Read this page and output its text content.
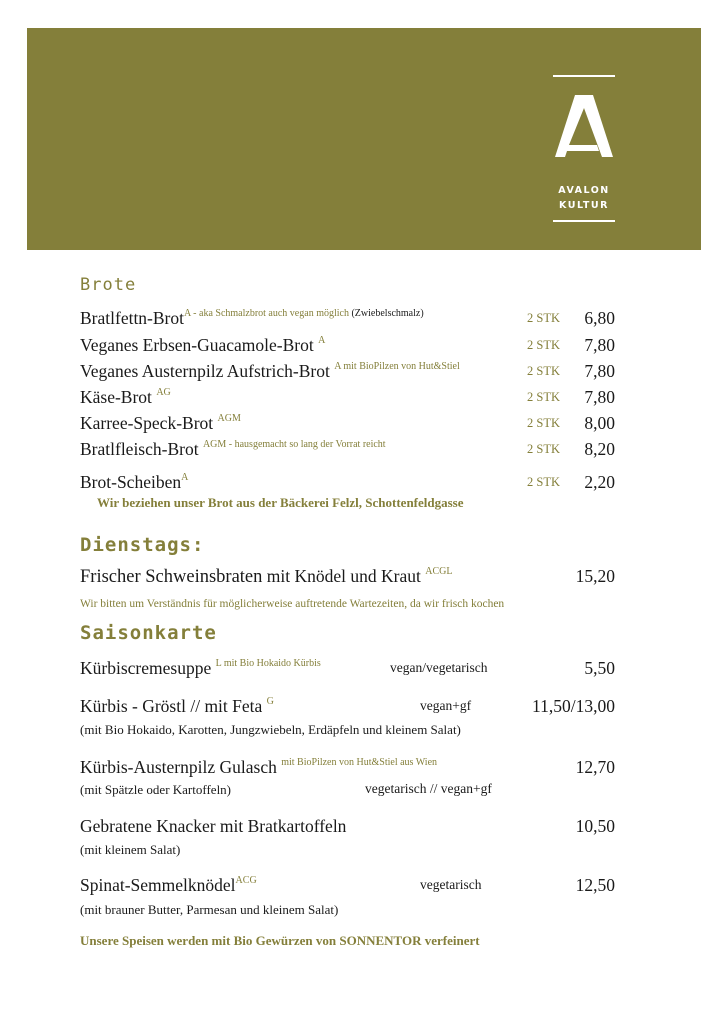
AVALON
KULTUR
Brote
Bratlfettn-Brot$^{A - aka Schmalzbrot auch vegan möglich}$ $^{(Zwiebelschmalz)}$	2 STK 6,80
Veganes Erbsen-Guacamole-Brot $^A$	2 STK 7,80
Veganes Austernpilz Aufstrich-Brot $^{A mit BioPilzen von Hut\&Stiel}$	2 STK 7,80
Käse-Brot $^{AG}$	2 STK 7,80
Karree-Speck-Brot $^{AGM}$	2 STK 8,00
Bratlfleisch-Brot $^{AGM - hausgemacht so lang der Vorrat reicht}$	2 STK 8,20
Brot-Scheiben$^A$	2 STK 2,20
Wir beziehen unser Brot aus der Bäckerei Felzl, Schottenfeldgasse
Dienstags:
Frischer Schweinsbraten mit Knödel und Kraut $^{ACGL}$	15,20
Wir bitten um Verständnis für möglicherweise auftretende Wartezeiten, da wir frisch kochen
Saisonkarte
Kürbiscremesuppe $^{L mit Bio Hokaido Kürbis}$	vegan/vegetarisch	5,50
Kürbis - Gröstl // mit Feta $^G$	vegan+gf	11,50/13,00
(mit Bio Hokaido, Karotten, Jungzwiebeln, Erdäpfeln und kleinem Salat)
Kürbis-Austernpilz Gulasch $^{mit BioPilzen von Hut\&Stiel aus Wien}$	12,70
(mit Spätzle oder Kartoffeln)	vegetarisch // vegan+gf
Gebratene Knacker mit Bratkartoffeln	10,50
(mit kleinem Salat)
Spinat-Semmelknödel$^{ACG}$	vegetarisch	12,50
(mit brauner Butter, Parmesan und kleinem Salat)
Unsere Speisen werden mit Bio Gewürzen von SONNENTOR verfeinert
